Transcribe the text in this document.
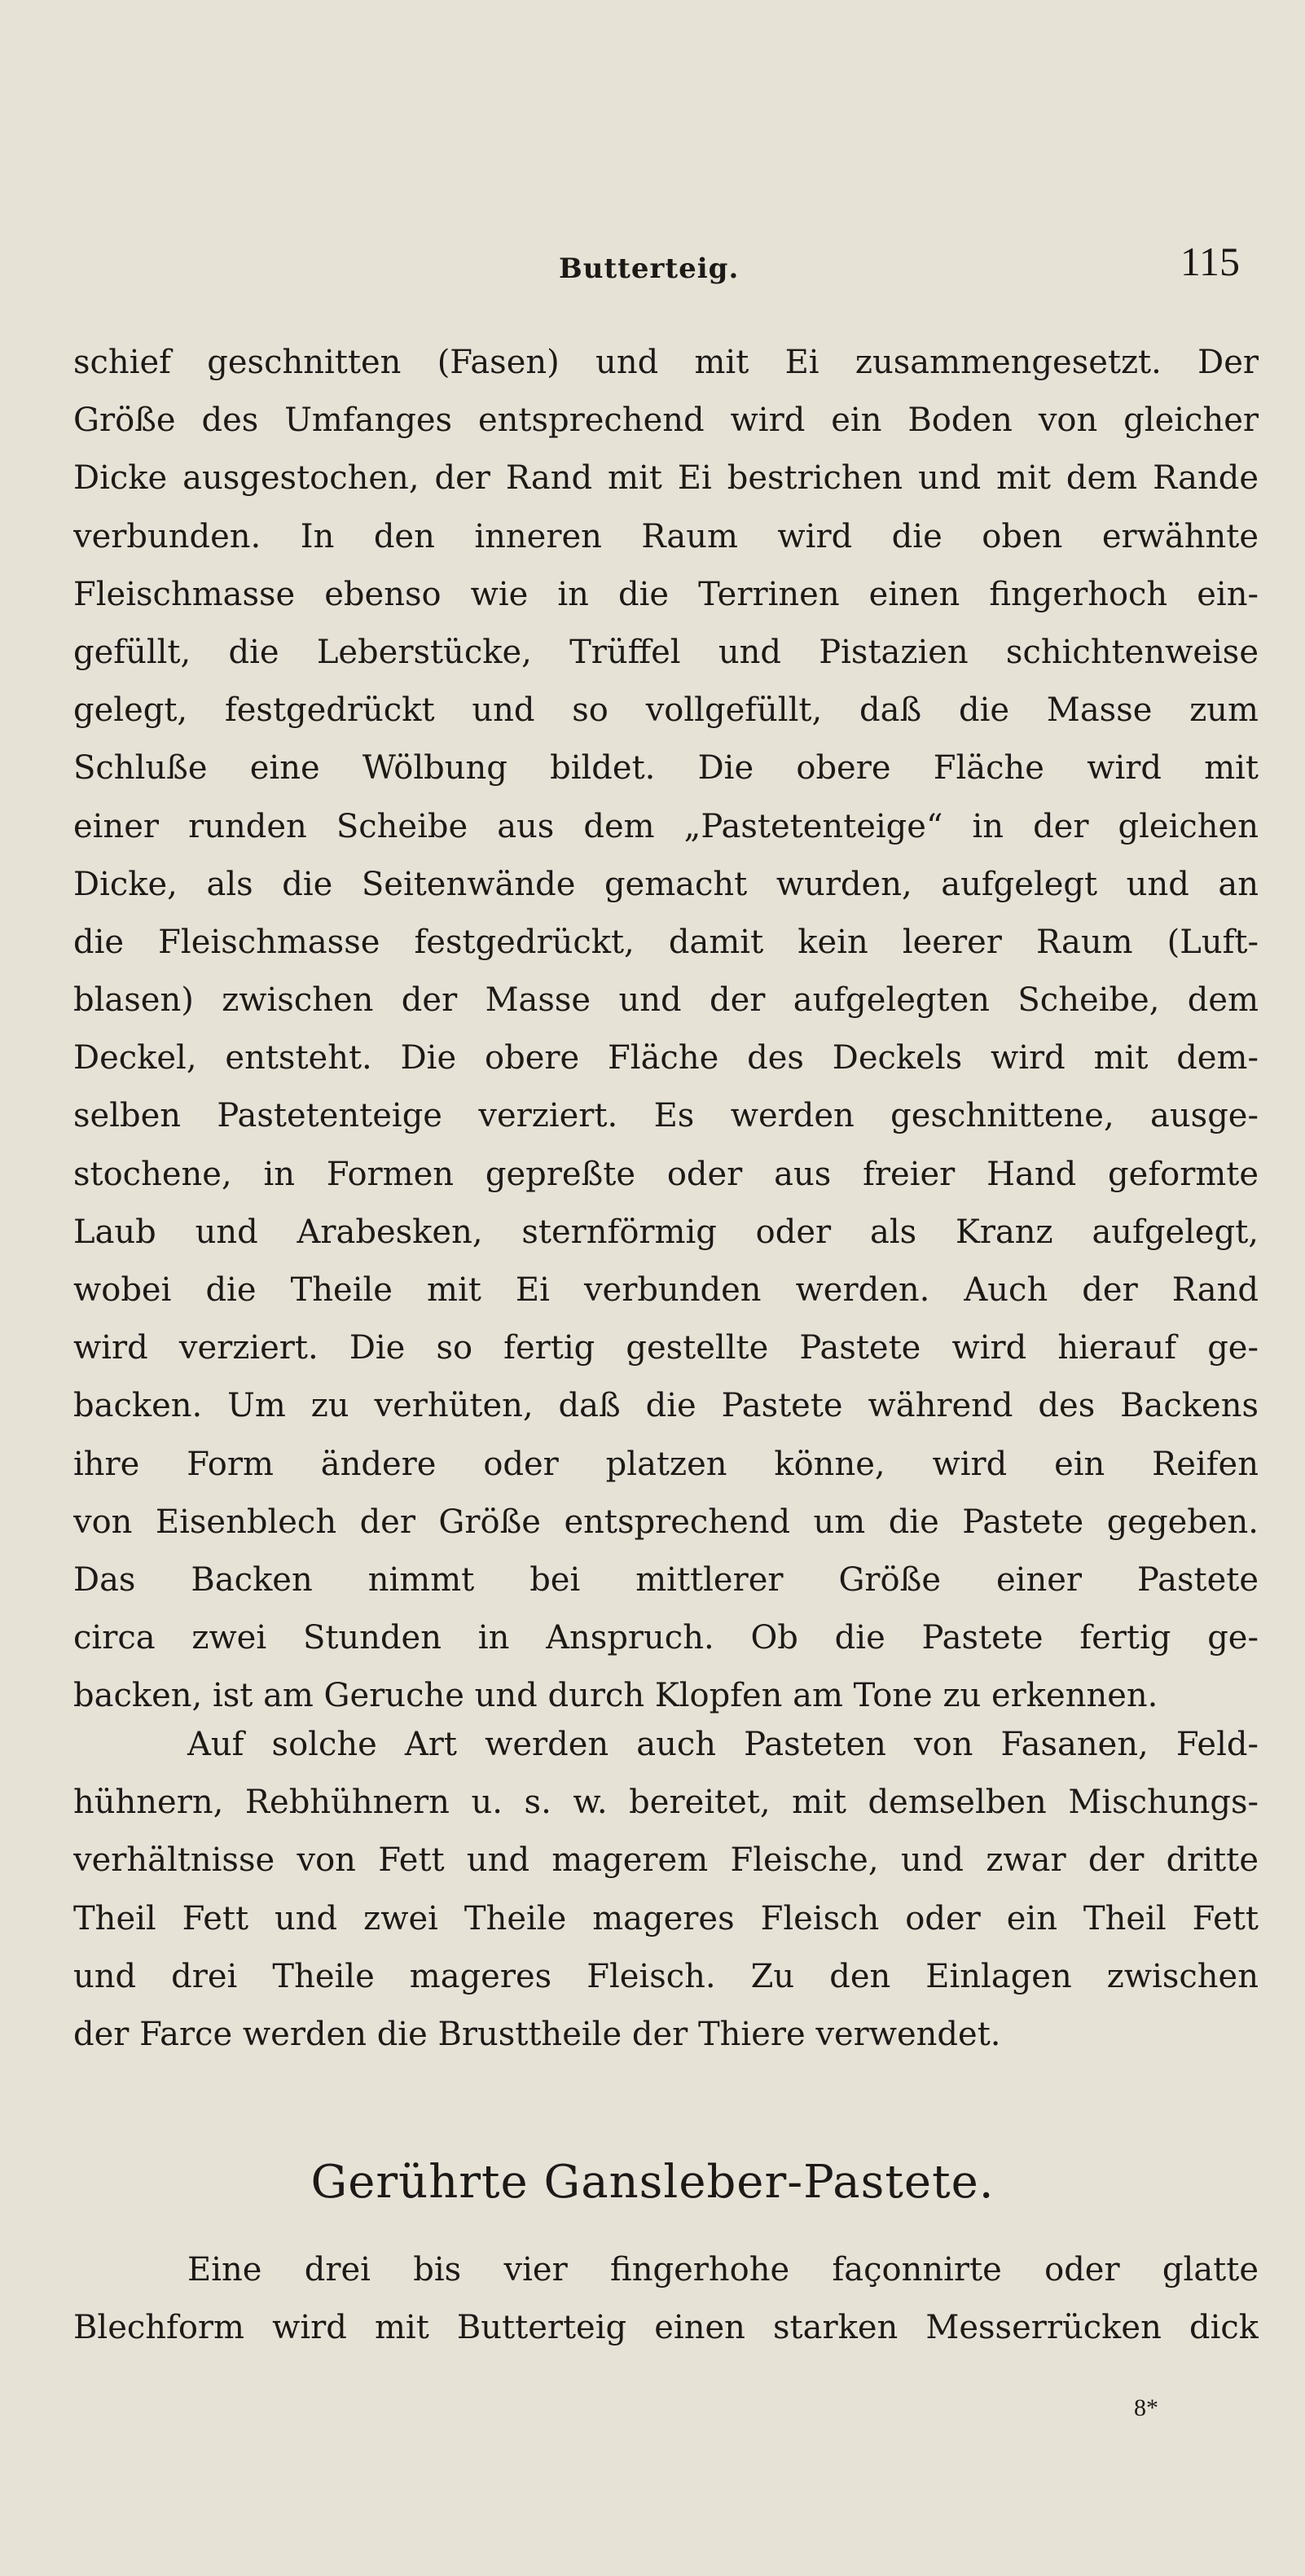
Butterteig.	115
schief geschnitten (Fasen) und mit Ei zusammengesetzt. Der
Größe des Umfanges entsprechend wird ein Boden von gleicher
Dicke ausgestochen, der Rand mit Ei bestrichen und mit dem Rande
verbunden. In den inneren Raum wird die oben erwähnte
Fleischmasse ebenso wie in die Terrinen einen fingerhoch ein-
gefüllt, die Leberstücke, Trüffel und Pistazien schichtenweise
gelegt, festgedrückt und so vollgefüllt, daß die Masse zum
Schluße eine Wölbung bildet. Die obere Fläche wird mit
einer runden Scheibe aus dem „Pastetenteige“ in der gleichen
Dicke, als die Seitenwände gemacht wurden, aufgelegt und an
die Fleischmasse festgedrückt, damit kein leerer Raum (Luft-
blasen) zwischen der Masse und der aufgelegten Scheibe, dem
Deckel, entsteht. Die obere Fläche des Deckels wird mit dem-
selben Pastetenteige verziert. Es werden geschnittene, ausge-
stochene, in Formen gepreßte oder aus freier Hand geformte
Laub und Arabesken, sternförmig oder als Kranz aufgelegt,
wobei die Theile mit Ei verbunden werden. Auch der Rand
wird verziert. Die so fertig gestellte Pastete wird hierauf ge-
backen. Um zu verhüten, daß die Pastete während des Backens
ihre Form ändere oder platzen könne, wird ein Reifen
von Eisenblech der Größe entsprechend um die Pastete gegeben.
Das Backen nimmt bei mittlerer Größe einer Pastete
circa zwei Stunden in Anspruch. Ob die Pastete fertig ge-
backen, ist am Geruche und durch Klopfen am Tone zu erkennen.
Auf solche Art werden auch Pasteten von Fasanen, Feld-
hühnern, Rebhühnern u. s. w. bereitet, mit demselben Mischungs-
verhältnisse von Fett und magerem Fleische, und zwar der dritte
Theil Fett und zwei Theile mageres Fleisch oder ein Theil Fett
und drei Theile mageres Fleisch. Zu den Einlagen zwischen
der Farce werden die Brusttheile der Thiere verwendet.
Gerührte Gansleber-Pastete.
Eine drei bis vier fingerhohe façonnirte oder glatte
Blechform wird mit Butterteig einen starken Messerrücken dick
8*
